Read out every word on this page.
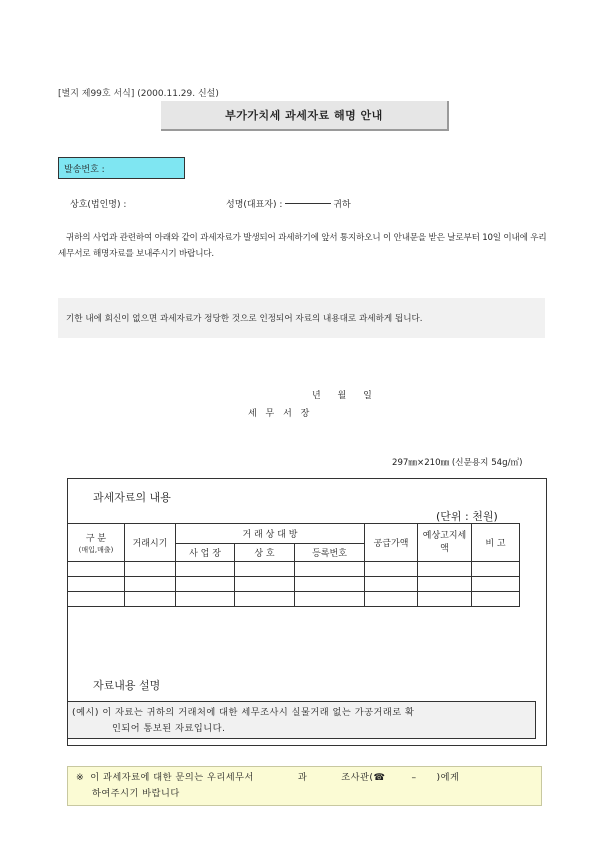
[별지 제99호 서식] (2000.11.29. 신설)
부가가치세 과세자료 해명 안내
발송번호 :
상호(법인명) :	성명(대표자) :	귀하
귀하의 사업과 관련하여 아래와 같이 과세자료가 발생되어 과세하기에 앞서 통지하오니 이 안내문을 받은 날로부터 10일 이내에 우리세무서로 해명자료를 보내주시기 바랍니다.
기한 내에 회신이 없으면 과세자료가 정당한 것으로 인정되어 자료의 내용대로 과세하게 됩니다.
년 월 일
세 무 서 장
297㎜×210㎜ (신문용지 54g/㎡)
과세자료의 내용
(단위 : 천원)
구 분
(매입,매출)	거래시기	거 래 상 대 방			공급가액	예상고지세 액	비 고
		사 업 장	상 호	등록번호			

자료내용 설명
(예시) 이 자료는 귀하의 거래처에 대한 세무조사시 실물거래 없는 가공거래로 확
인되어 통보된 자료입니다.
※ 이 과세자료에 대한 문의는 우리세무서	과	조사관(☎	– )에게
하여주시기 바랍니다
